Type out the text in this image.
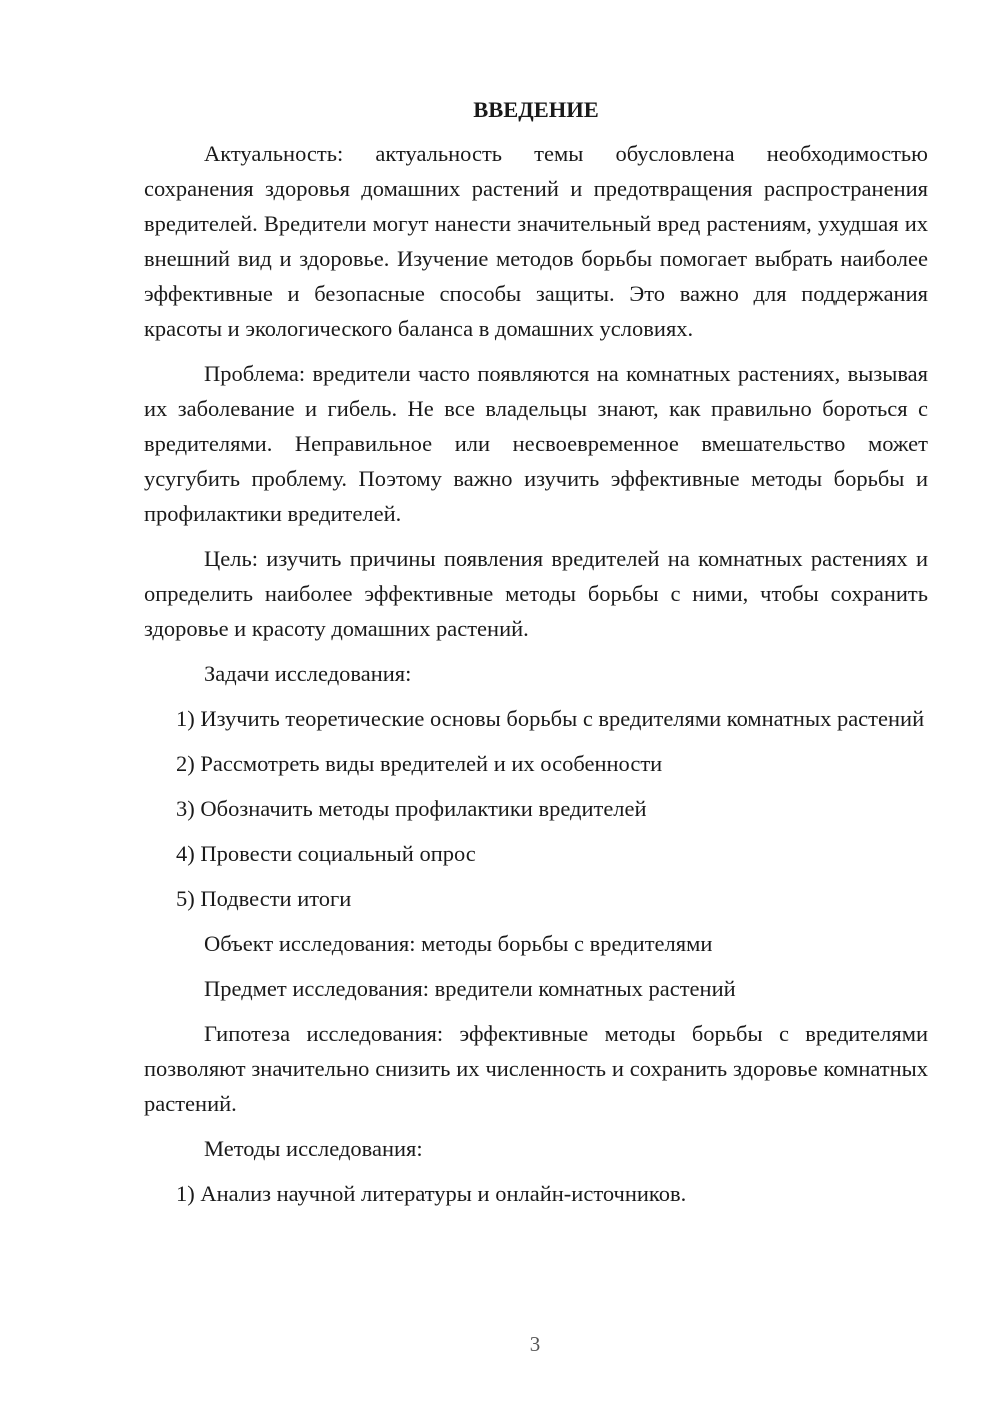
ВВЕДЕНИЕ

Актуальность: актуальность темы обусловлена необходимостью сохранения здоровья домашних растений и предотвращения распространения вредителей. Вредители могут нанести значительный вред растениям, ухудшая их внешний вид и здоровье. Изучение методов борьбы помогает выбрать наиболее эффективные и безопасные способы защиты. Это важно для поддержания красоты и экологического баланса в домашних условиях.

Проблема: вредители часто появляются на комнатных растениях, вызывая их заболевание и гибель. Не все владельцы знают, как правильно бороться с вредителями. Неправильное или несвоевременное вмешательство может усугубить проблему. Поэтому важно изучить эффективные методы борьбы и профилактики вредителей.

Цель: изучить причины появления вредителей на комнатных растениях и определить наиболее эффективные методы борьбы с ними, чтобы сохранить здоровье и красоту домашних растений.

Задачи исследования:

1) Изучить теоретические основы борьбы с вредителями комнатных растений

2) Рассмотреть виды вредителей и их особенности

3) Обозначить методы профилактики вредителей

4) Провести социальный опрос

5) Подвести итоги

Объект исследования: методы борьбы с вредителями

Предмет исследования: вредители комнатных растений

Гипотеза исследования: эффективные методы борьбы с вредителями позволяют значительно снизить их численность и сохранить здоровье комнатных растений.

Методы исследования:

1) Анализ научной литературы и онлайн-источников.

3
